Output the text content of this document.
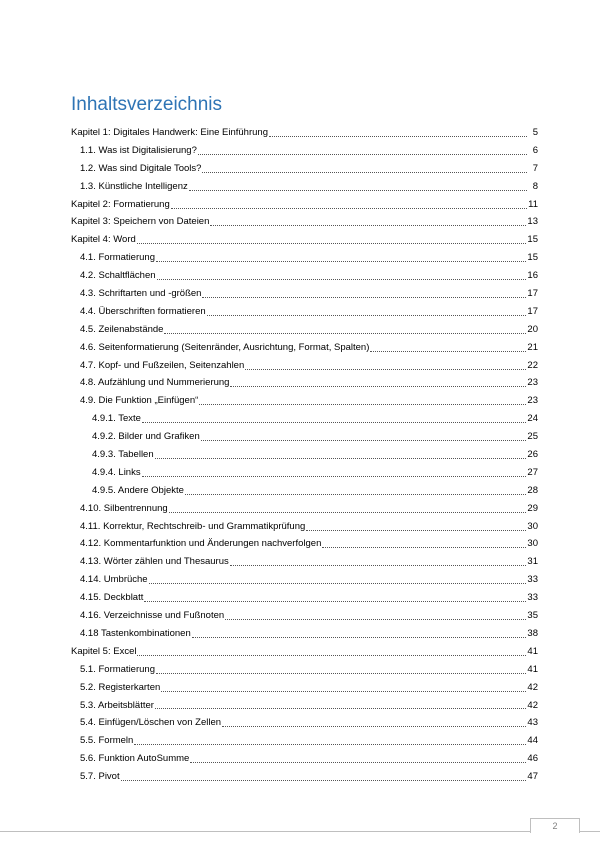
Inhaltsverzeichnis
Kapitel 1: Digitales Handwerk: Eine Einführung	5
1.1. Was ist Digitalisierung?	6
1.2. Was sind Digitale Tools?	7
1.3. Künstliche Intelligenz	8
Kapitel 2: Formatierung	11
Kapitel 3: Speichern von Dateien	13
Kapitel 4: Word	15
4.1. Formatierung	15
4.2. Schaltflächen	16
4.3. Schriftarten und -größen	17
4.4. Überschriften formatieren	17
4.5. Zeilenabstände	20
4.6. Seitenformatierung (Seitenränder, Ausrichtung, Format, Spalten)	21
4.7. Kopf- und Fußzeilen, Seitenzahlen	22
4.8. Aufzählung und Nummerierung	23
4.9. Die Funktion „Einfügen“	23
4.9.1. Texte	24
4.9.2. Bilder und Grafiken	25
4.9.3. Tabellen	26
4.9.4. Links	27
4.9.5. Andere Objekte	28
4.10. Silbentrennung	29
4.11. Korrektur, Rechtschreib- und Grammatikprüfung	30
4.12. Kommentarfunktion und Änderungen nachverfolgen	30
4.13. Wörter zählen und Thesaurus	31
4.14. Umbrüche	33
4.15. Deckblatt	33
4.16. Verzeichnisse und Fußnoten	35
4.18 Tastenkombinationen	38
Kapitel 5: Excel	41
5.1. Formatierung	41
5.2. Registerkarten	42
5.3. Arbeitsblätter	42
5.4. Einfügen/Löschen von Zellen	43
5.5. Formeln	44
5.6. Funktion AutoSumme	46
5.7. Pivot	47
2
